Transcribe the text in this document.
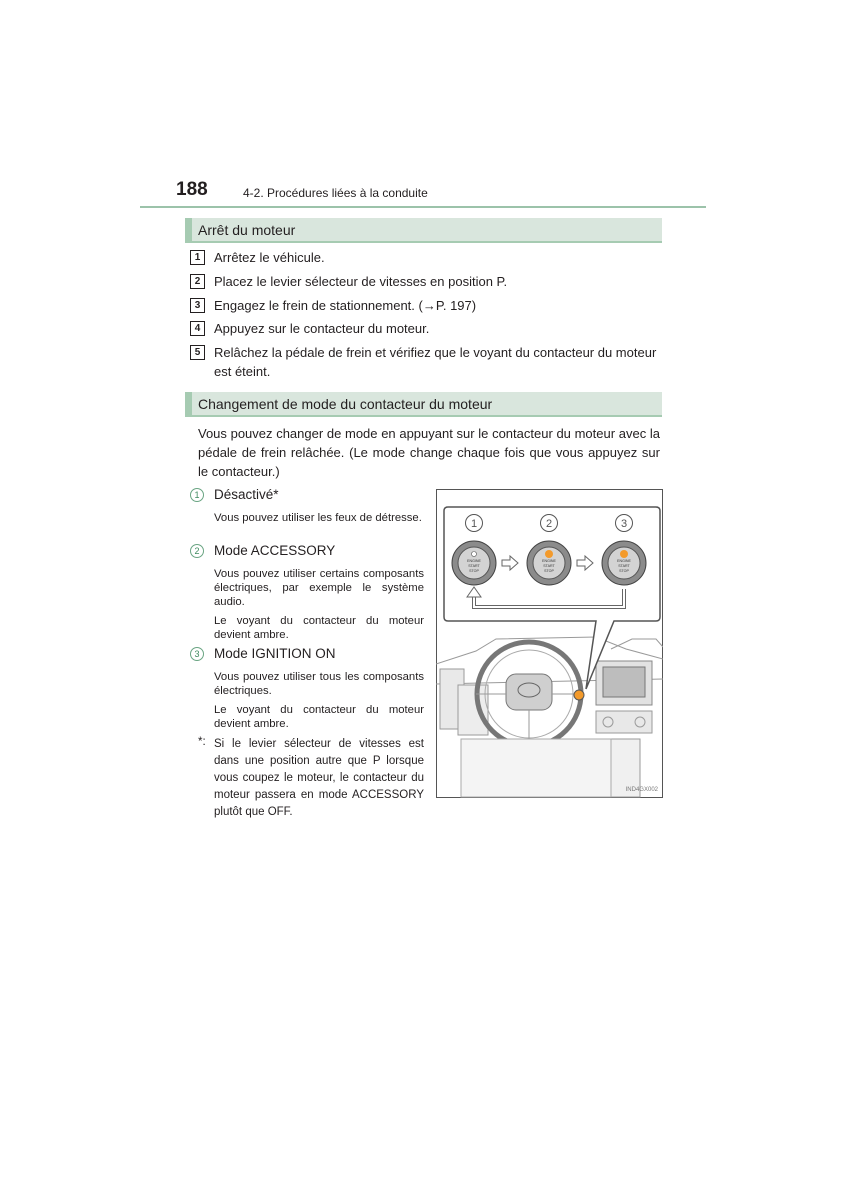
188	4-2. Procédures liées à la conduite
Arrêt du moteur
1	Arrêtez le véhicule.
2	Placez le levier sélecteur de vitesses en position P.
3	Engagez le frein de stationnement. (→P. 197)
4	Appuyez sur le contacteur du moteur.
5	Relâchez la pédale de frein et vérifiez que le voyant du contacteur du moteur est éteint.
Changement de mode du contacteur du moteur
Vous pouvez changer de mode en appuyant sur le contacteur du moteur avec la pédale de frein relâchée. (Le mode change chaque fois que vous appuyez sur le contacteur.)
1	Désactivé*
Vous pouvez utiliser les feux de détresse.
2	Mode ACCESSORY
Vous pouvez utiliser certains composants électriques, par exemple le système audio.
Le voyant du contacteur du moteur devient ambre.
3	Mode IGNITION ON
Vous pouvez utiliser tous les composants électriques.
Le voyant du contacteur du moteur devient ambre.
*: Si le levier sélecteur de vitesses est dans une position autre que P lorsque vous coupez le moteur, le contacteur du moteur passera en mode ACCESSORY plutôt que OFF.
1	2	3
ENGINE
START
STOP
ENGINE
START
STOP
ENGINE
START
STOP
IND4GX002
